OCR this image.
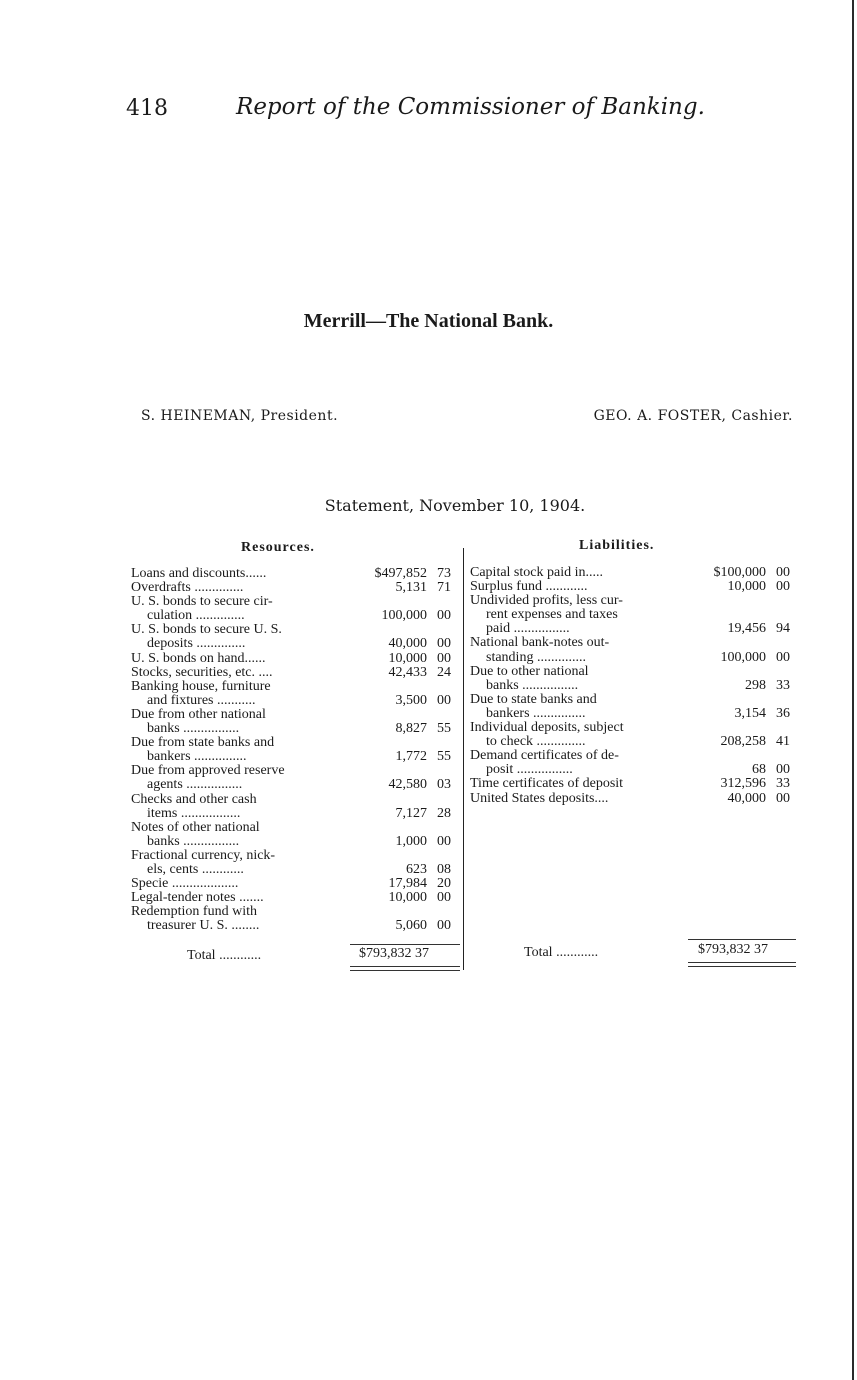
418	Report of the Commissioner of Banking.
Merrill—The National Bank.
S. HEINEMAN, President.	GEO. A. FOSTER, Cashier.
Statement, November 10, 1904.
Resources.	Liabilities.
Loans and discounts......	$497,852 73
Overdrafts ..............	5,131 71
U. S. bonds to secure cir-
culation ..............	100,000 00
U. S. bonds to secure U. S.
deposits ..............	40,000 00
U. S. bonds on hand......	10,000 00
Stocks, securities, etc. ....	42,433 24
Banking house, furniture
and fixtures ...........	3,500 00
Due from other national
banks ................	8,827 55
Due from state banks and
bankers ...............	1,772 55
Due from approved reserve
agents ................	42,580 03
Checks and other cash
items .................	7,127 28
Notes of other national
banks ................	1,000 00
Fractional currency, nick-
els, cents ............	623 08
Specie ...................	17,984 20
Legal-tender notes .......	10,000 00
Redemption fund with
treasurer U. S. ........	5,060 00
Capital stock paid in.....	$100,000 00
Surplus fund ............	10,000 00
Undivided profits, less cur-
rent expenses and taxes
paid ................	19,456 94
National bank-notes out-
standing ..............	100,000 00
Due to other national
banks ................	298 33
Due to state banks and
bankers ...............	3,154 36
Individual deposits, subject
to check ..............	208,258 41
Demand certificates of de-
posit ................	68 00
Time certificates of deposit	312,596 33
United States deposits....	40,000 00
Total ............	$793,832 37	Total ............	$793,832 37
